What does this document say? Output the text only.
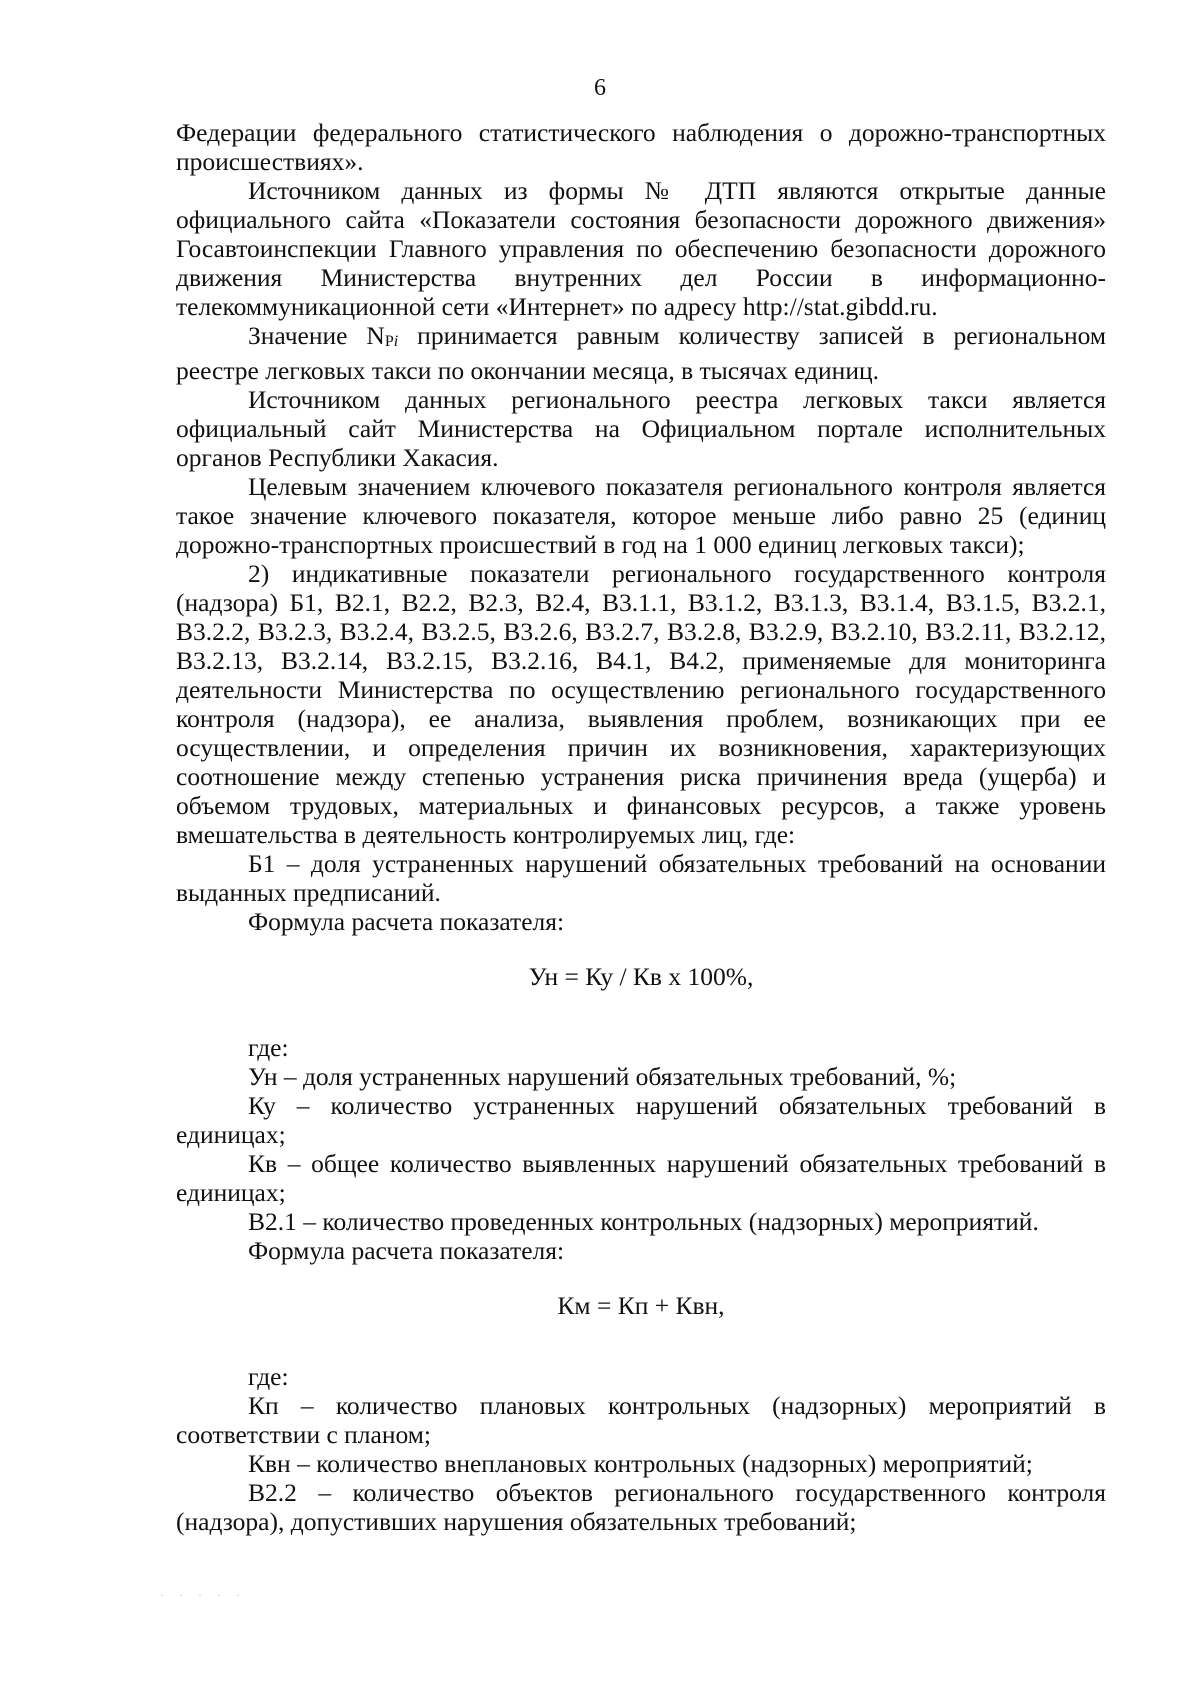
6

Федерации федерального статистического наблюдения о дорожно-транспортных происшествиях».

Источником данных из формы № ДТП являются открытые данные официального сайта «Показатели состояния безопасности дорожного движения» Госавтоинспекции Главного управления по обеспечению безопасности дорожного движения Министерства внутренних дел России в информационно-телекоммуникационной сети «Интернет» по адресу http://stat.gibdd.ru.

Значение NPi принимается равным количеству записей в региональном реестре легковых такси по окончании месяца, в тысячах единиц.

Источником данных регионального реестра легковых такси является официальный сайт Министерства на Официальном портале исполнительных органов Республики Хакасия.

Целевым значением ключевого показателя регионального контроля является такое значение ключевого показателя, которое меньше либо равно 25 (единиц дорожно-транспортных происшествий в год на 1 000 единиц легковых такси);

2) индикативные показатели регионального государственного контроля (надзора) Б1, В2.1, В2.2, В2.3, В2.4, В3.1.1, В3.1.2, В3.1.3, В3.1.4, В3.1.5, В3.2.1, В3.2.2, В3.2.3, В3.2.4, В3.2.5, В3.2.6, В3.2.7, В3.2.8, В3.2.9, В3.2.10, В3.2.11, В3.2.12, В3.2.13, В3.2.14, В3.2.15, В3.2.16, В4.1, В4.2, применяемые для мониторинга деятельности Министерства по осуществлению регионального государственного контроля (надзора), ее анализа, выявления проблем, возникающих при ее осуществлении, и определения причин их возникновения, характеризующих соотношение между степенью устранения риска причинения вреда (ущерба) и объемом трудовых, материальных и финансовых ресурсов, а также уровень вмешательства в деятельность контролируемых лиц, где:

Б1 – доля устраненных нарушений обязательных требований на основании выданных предписаний.

Формула расчета показателя:

Ун = Ку / Кв х 100%,

где:

Ун – доля устраненных нарушений обязательных требований, %;

Ку – количество устраненных нарушений обязательных требований в единицах;

Кв – общее количество выявленных нарушений обязательных требований в единицах;

В2.1 – количество проведенных контрольных (надзорных) мероприятий.

Формула расчета показателя:

Км = Кп + Квн,

где:

Кп – количество плановых контрольных (надзорных) мероприятий в соответствии с планом;

Квн – количество внеплановых контрольных (надзорных) мероприятий;

В2.2 – количество объектов регионального государственного контроля (надзора), допустивших нарушения обязательных требований;

· · · · ·
